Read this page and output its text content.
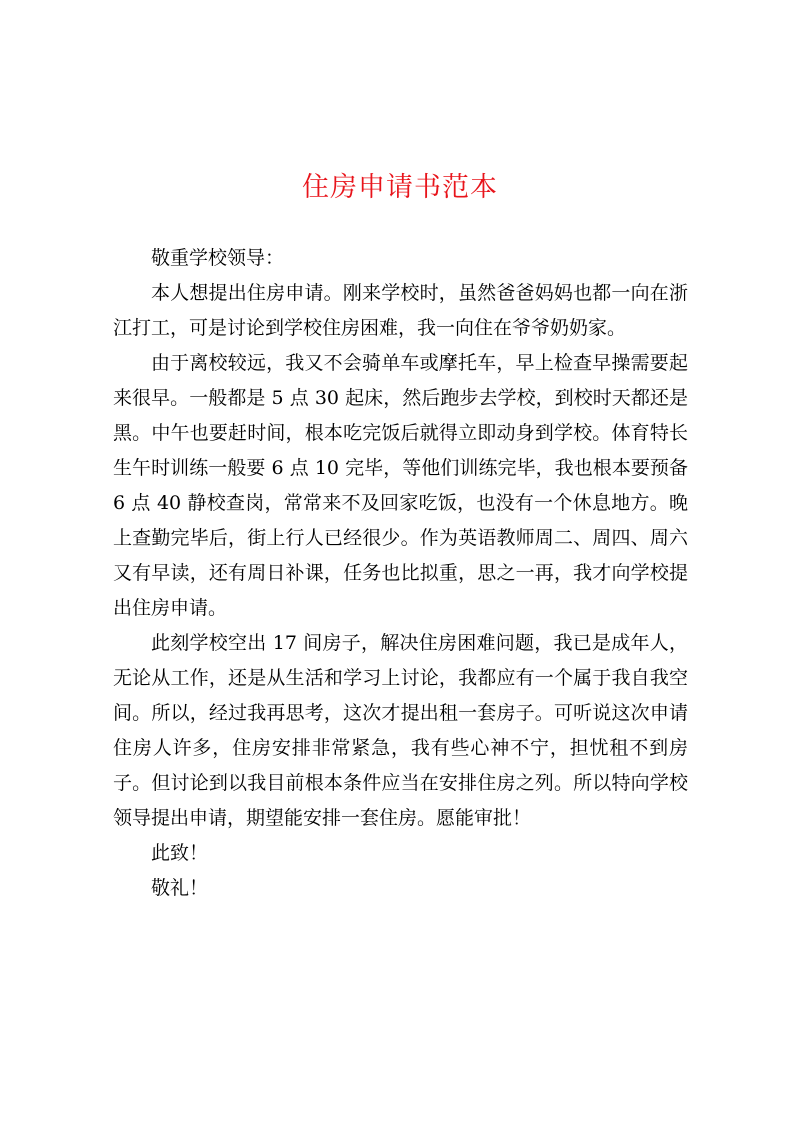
住房申请书范本

敬重学校领导：

本人想提出住房申请。刚来学校时，虽然爸爸妈妈也都一向在浙江打工，可是讨论到学校住房困难，我一向住在爷爷奶奶家。

由于离校较远，我又不会骑单车或摩托车，早上检查早操需要起来很早。一般都是 5 点 30 起床，然后跑步去学校，到校时天都还是黑。中午也要赶时间，根本吃完饭后就得立即动身到学校。体育特长生午时训练一般要 6 点 10 完毕，等他们训练完毕，我也根本要预备 6 点 40 静校查岗，常常来不及回家吃饭，也没有一个休息地方。晚上查勤完毕后，街上行人已经很少。作为英语教师周二、周四、周六又有早读，还有周日补课，任务也比拟重，思之一再，我才向学校提出住房申请。

此刻学校空出 17 间房子，解决住房困难问题，我已是成年人，无论从工作，还是从生活和学习上讨论，我都应有一个属于我自我空间。所以，经过我再思考，这次才提出租一套房子。可听说这次申请住房人许多，住房安排非常紧急，我有些心神不宁，担忧租不到房子。但讨论到以我目前根本条件应当在安排住房之列。所以特向学校领导提出申请，期望能安排一套住房。愿能审批！

此致！

敬礼！
